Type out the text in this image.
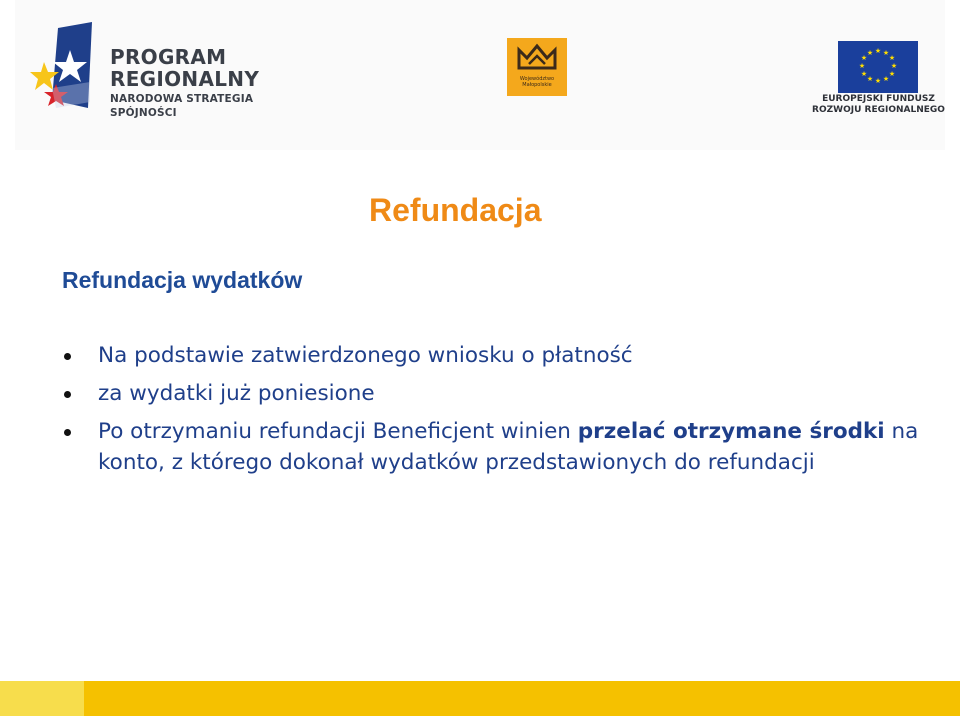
PROGRAM
REGIONALNY
NARODOWA STRATEGIA SPÓJNOŚCI
Województwo
Małopolskie
★ ★
★
★
★
★
★
★
★
★
★
★
EUROPEJSKI FUNDUSZ
ROZWOJU REGIONALNEGO
Refundacja
Refundacja wydatków
Na podstawie zatwierdzonego wniosku o płatność
za wydatki już poniesione
Po otrzymaniu refundacji Beneficjent winien przelać otrzymane środki na konto, z którego dokonał wydatków przedstawionych do refundacji
